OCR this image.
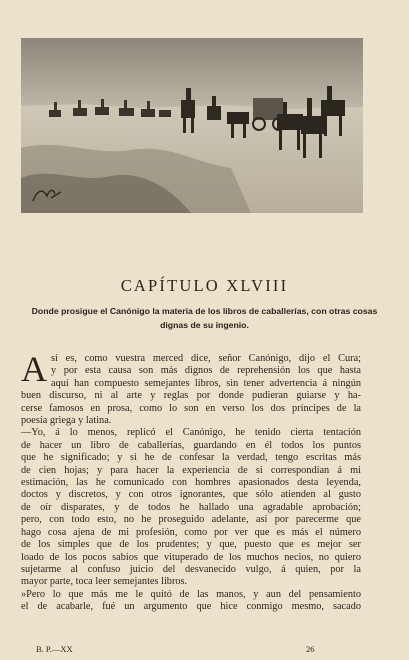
CAPÍTULO XLVIII
Donde prosigue el Canónigo la materia de los libros de caballerías, con otras cosas
dignas de su ingenio.
A sí es, como vuestra merced dice, señor Canónigo, dijo el Cura;
y por esta causa son más dignos de reprehensión los que hasta
aquí han compuesto semejantes libros, sin tener advertencia á ningún
buen discurso, ni al arte y reglas por donde pudieran guiarse y ha-
cerse famosos en prosa, como lo son en verso los dos príncipes de la
poesía griega y latina.
—Yo, á lo menos, replicó el Canónigo, he tenido cierta tentación
de hacer un libro de caballerías, guardando en él todos los puntos
que he significado; y si he de confesar la verdad, tengo escritas más
de cien hojas; y para hacer la experiencia de si correspondían á mi
estimación, las he comunicado con hombres apasionados desta leyenda,
doctos y discretos, y con otros ignorantes, que sólo atienden al gusto
de oír disparates, y de todos he hallado una agradable aprobación;
pero, con todo esto, no he proseguido adelante, así por parecerme que
hago cosa ajena de mi profesión, como por ver que es más el número
de los simples que de los prudentes; y que, puesto que es mejor ser
loado de los pocos sabios que vituperado de los muchos necios, no quiero
sujetarme al confuso juicio del desvanecido vulgo, á quien, por la
mayor parte, toca leer semejantes libros.
»Pero lo que más me le quitó de las manos, y aun del pensamiento
el de acabarle, fué un argumento que hice conmigo mesmo, sacado
B. P.—XX	26
